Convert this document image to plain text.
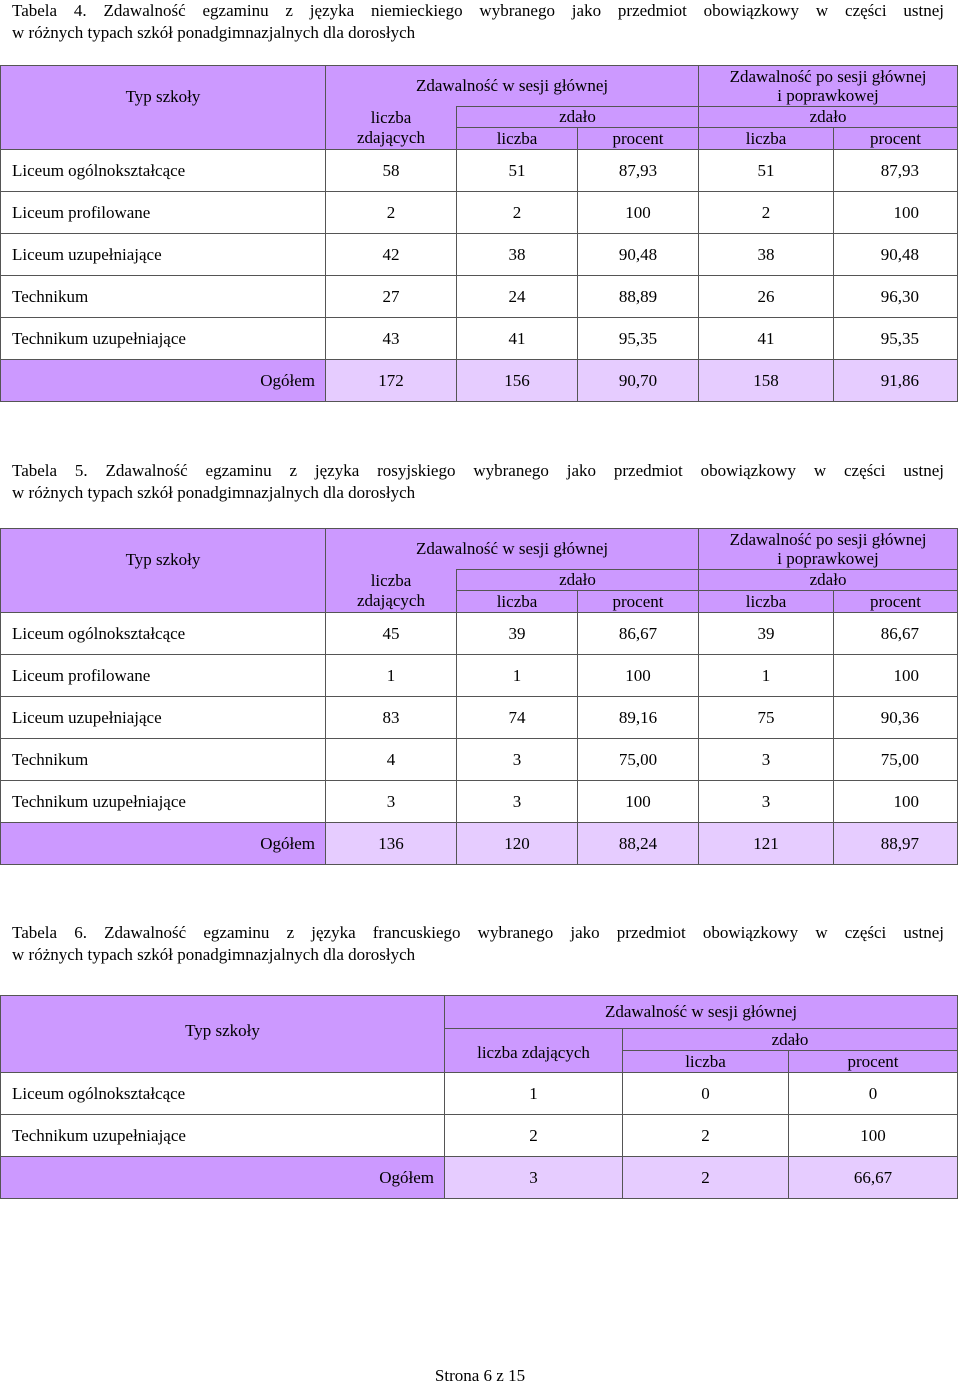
Tabela 4. Zdawalność egzaminu z języka niemieckiego wybranego jako przedmiot obowiązkowy w części ustnej
w różnych typach szkół ponadgimnazjalnych dla dorosłych
Typ szkoły	Zdawalność w sesji głównej			Zdawalność po sesji głównej
i poprawkowej	

	liczba
zdających	zdało		zdało	
		liczba	procent	liczba	procent
Liceum ogólnokształcące	58	51	87,93	51	87,93
Liceum profilowane	2	2	100	2	100
Liceum uzupełniające	42	38	90,48	38	90,48
Technikum	27	24	88,89	26	96,30
Technikum uzupełniające	43	41	95,35	41	95,35
Ogółem	172	156	90,70	158	91,86
Tabela 5. Zdawalność egzaminu z języka rosyjskiego wybranego jako przedmiot obowiązkowy w części ustnej
w różnych typach szkół ponadgimnazjalnych dla dorosłych
Typ szkoły	Zdawalność w sesji głównej			Zdawalność po sesji głównej
i poprawkowej	

	liczba
zdających	zdało		zdało	
		liczba	procent	liczba	procent
Liceum ogólnokształcące	45	39	86,67	39	86,67
Liceum profilowane	1	1	100	1	100
Liceum uzupełniające	83	74	89,16	75	90,36
Technikum	4	3	75,00	3	75,00
Technikum uzupełniające	3	3	100	3	100
Ogółem	136	120	88,24	121	88,97
Tabela 6. Zdawalność egzaminu z języka francuskiego wybranego jako przedmiot obowiązkowy w części ustnej
w różnych typach szkół ponadgimnazjalnych dla dorosłych
Typ szkoły	Zdawalność w sesji głównej		
	liczba zdających	zdało	
		liczba	procent
Liceum ogólnokształcące	1	0	0
Technikum uzupełniające	2	2	100
Ogółem	3	2	66,67
Strona 6 z 15
